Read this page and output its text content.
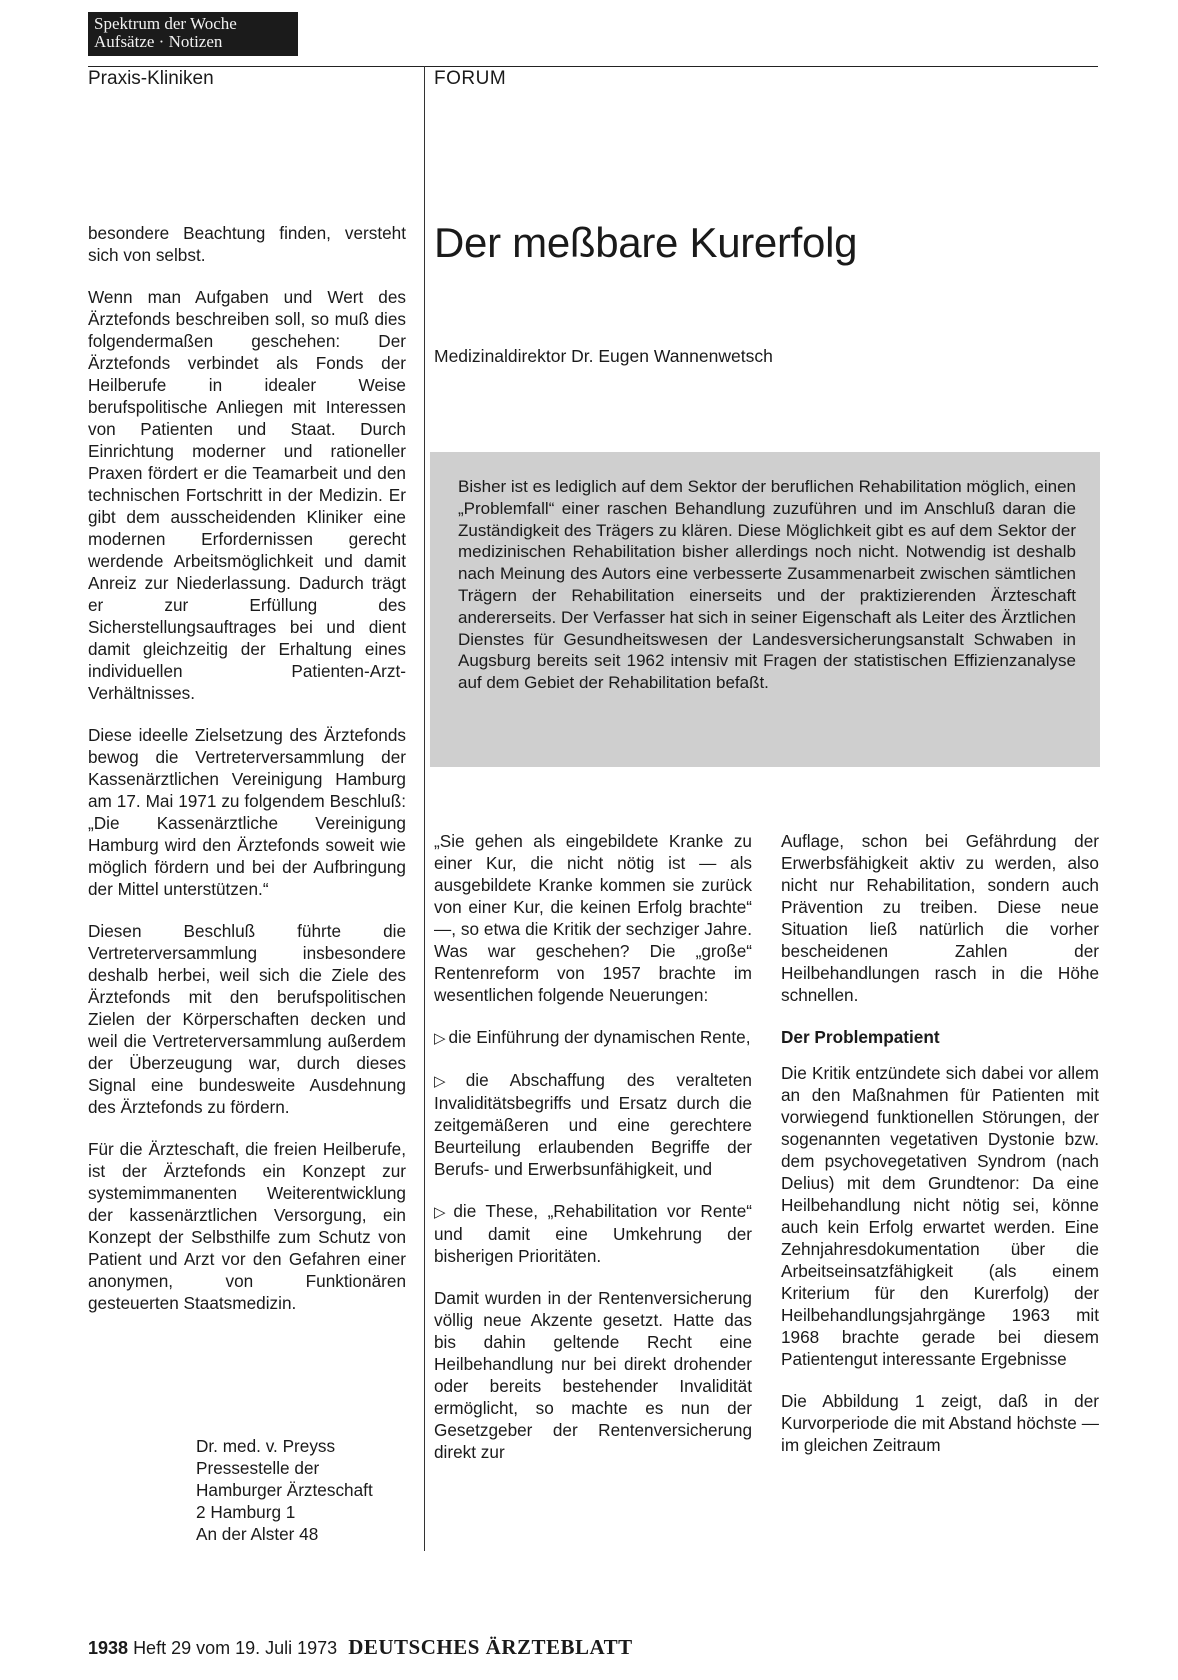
Spektrum der Woche
Aufsätze · Notizen
Praxis-Kliniken	FORUM

besondere Beachtung finden, versteht sich von selbst.

Wenn man Aufgaben und Wert des Ärztefonds beschreiben soll, so muß dies folgendermaßen geschehen: Der Ärztefonds verbindet als Fonds der Heilberufe in idealer Weise berufspolitische Anliegen mit Interessen von Patienten und Staat. Durch Einrichtung moderner und rationeller Praxen fördert er die Teamarbeit und den technischen Fortschritt in der Medizin. Er gibt dem ausscheidenden Kliniker eine modernen Erfordernissen gerecht werdende Arbeitsmöglichkeit und damit Anreiz zur Niederlassung. Dadurch trägt er zur Erfüllung des Sicherstellungsauftrages bei und dient damit gleichzeitig der Erhaltung eines individuellen Patienten-Arzt-Verhältnisses.

Diese ideelle Zielsetzung des Ärztefonds bewog die Vertreterversammlung der Kassenärztlichen Vereinigung Hamburg am 17. Mai 1971 zu folgendem Beschluß: „Die Kassenärztliche Vereinigung Hamburg wird den Ärztefonds soweit wie möglich fördern und bei der Aufbringung der Mittel unterstützen.“

Diesen Beschluß führte die Vertreterversammlung insbesondere deshalb herbei, weil sich die Ziele des Ärztefonds mit den berufspolitischen Zielen der Körperschaften decken und weil die Vertreterversammlung außerdem der Überzeugung war, durch dieses Signal eine bundesweite Ausdehnung des Ärztefonds zu fördern.

Für die Ärzteschaft, die freien Heilberufe, ist der Ärztefonds ein Konzept zur systemimmanenten Weiterentwicklung der kassenärztlichen Versorgung, ein Konzept der Selbsthilfe zum Schutz von Patient und Arzt vor den Gefahren einer anonymen, von Funktionären gesteuerten Staatsmedizin.

Dr. med. v. Preyss
Pressestelle der
Hamburger Ärzteschaft
2 Hamburg 1
An der Alster 48
Der meßbare Kurerfolg
Medizinaldirektor Dr. Eugen Wannenwetsch
Bisher ist es lediglich auf dem Sektor der beruflichen Rehabilitation möglich, einen „Problemfall“ einer raschen Behandlung zuzuführen und im Anschluß daran die Zuständigkeit des Trägers zu klären. Diese Möglichkeit gibt es auf dem Sektor der medizinischen Rehabilitation bisher allerdings noch nicht. Notwendig ist deshalb nach Meinung des Autors eine verbesserte Zusammenarbeit zwischen sämtlichen Trägern der Rehabilitation einerseits und der praktizierenden Ärzteschaft andererseits. Der Verfasser hat sich in seiner Eigenschaft als Leiter des Ärztlichen Dienstes für Gesundheitswesen der Landesversicherungsanstalt Schwaben in Augsburg bereits seit 1962 intensiv mit Fragen der statistischen Effizienzanalyse auf dem Gebiet der Rehabilitation befaßt.

„Sie gehen als eingebildete Kranke zu einer Kur, die nicht nötig ist — als ausgebildete Kranke kommen sie zurück von einer Kur, die keinen Erfolg brachte“ —, so etwa die Kritik der sechziger Jahre. Was war geschehen? Die „große“ Rentenreform von 1957 brachte im wesentlichen folgende Neuerungen:

▷ die Einführung der dynamischen Rente,

▷ die Abschaffung des veralteten Invaliditätsbegriffs und Ersatz durch die zeitgemäßeren und eine gerechtere Beurteilung erlaubenden Begriffe der Berufs- und Erwerbsunfähigkeit, und

▷ die These, „Rehabilitation vor Rente“ und damit eine Umkehrung der bisherigen Prioritäten.

Damit wurden in der Rentenversicherung völlig neue Akzente gesetzt. Hatte das bis dahin geltende Recht eine Heilbehandlung nur bei direkt drohender oder bereits bestehender Invalidität ermöglicht, so machte es nun der Gesetzgeber der Rentenversicherung direkt zur

Auflage, schon bei Gefährdung der Erwerbsfähigkeit aktiv zu werden, also nicht nur Rehabilitation, sondern auch Prävention zu treiben. Diese neue Situation ließ natürlich die vorher bescheidenen Zahlen der Heilbehandlungen rasch in die Höhe schnellen.

Der Problempatient

Die Kritik entzündete sich dabei vor allem an den Maßnahmen für Patienten mit vorwiegend funktionellen Störungen, der sogenannten vegetativen Dystonie bzw. dem psychovegetativen Syndrom (nach Delius) mit dem Grundtenor: Da eine Heilbehandlung nicht nötig sei, könne auch kein Erfolg erwartet werden. Eine Zehnjahresdokumentation über die Arbeitseinsatzfähigkeit (als einem Kriterium für den Kurerfolg) der Heilbehandlungsjahrgänge 1963 mit 1968 brachte gerade bei diesem Patientengut interessante Ergebnisse

Die Abbildung 1 zeigt, daß in der Kurvorperiode die mit Abstand höchste — im gleichen Zeitraum

1938 Heft 29 vom 19. Juli 1973 DEUTSCHES ÄRZTEBLATT
